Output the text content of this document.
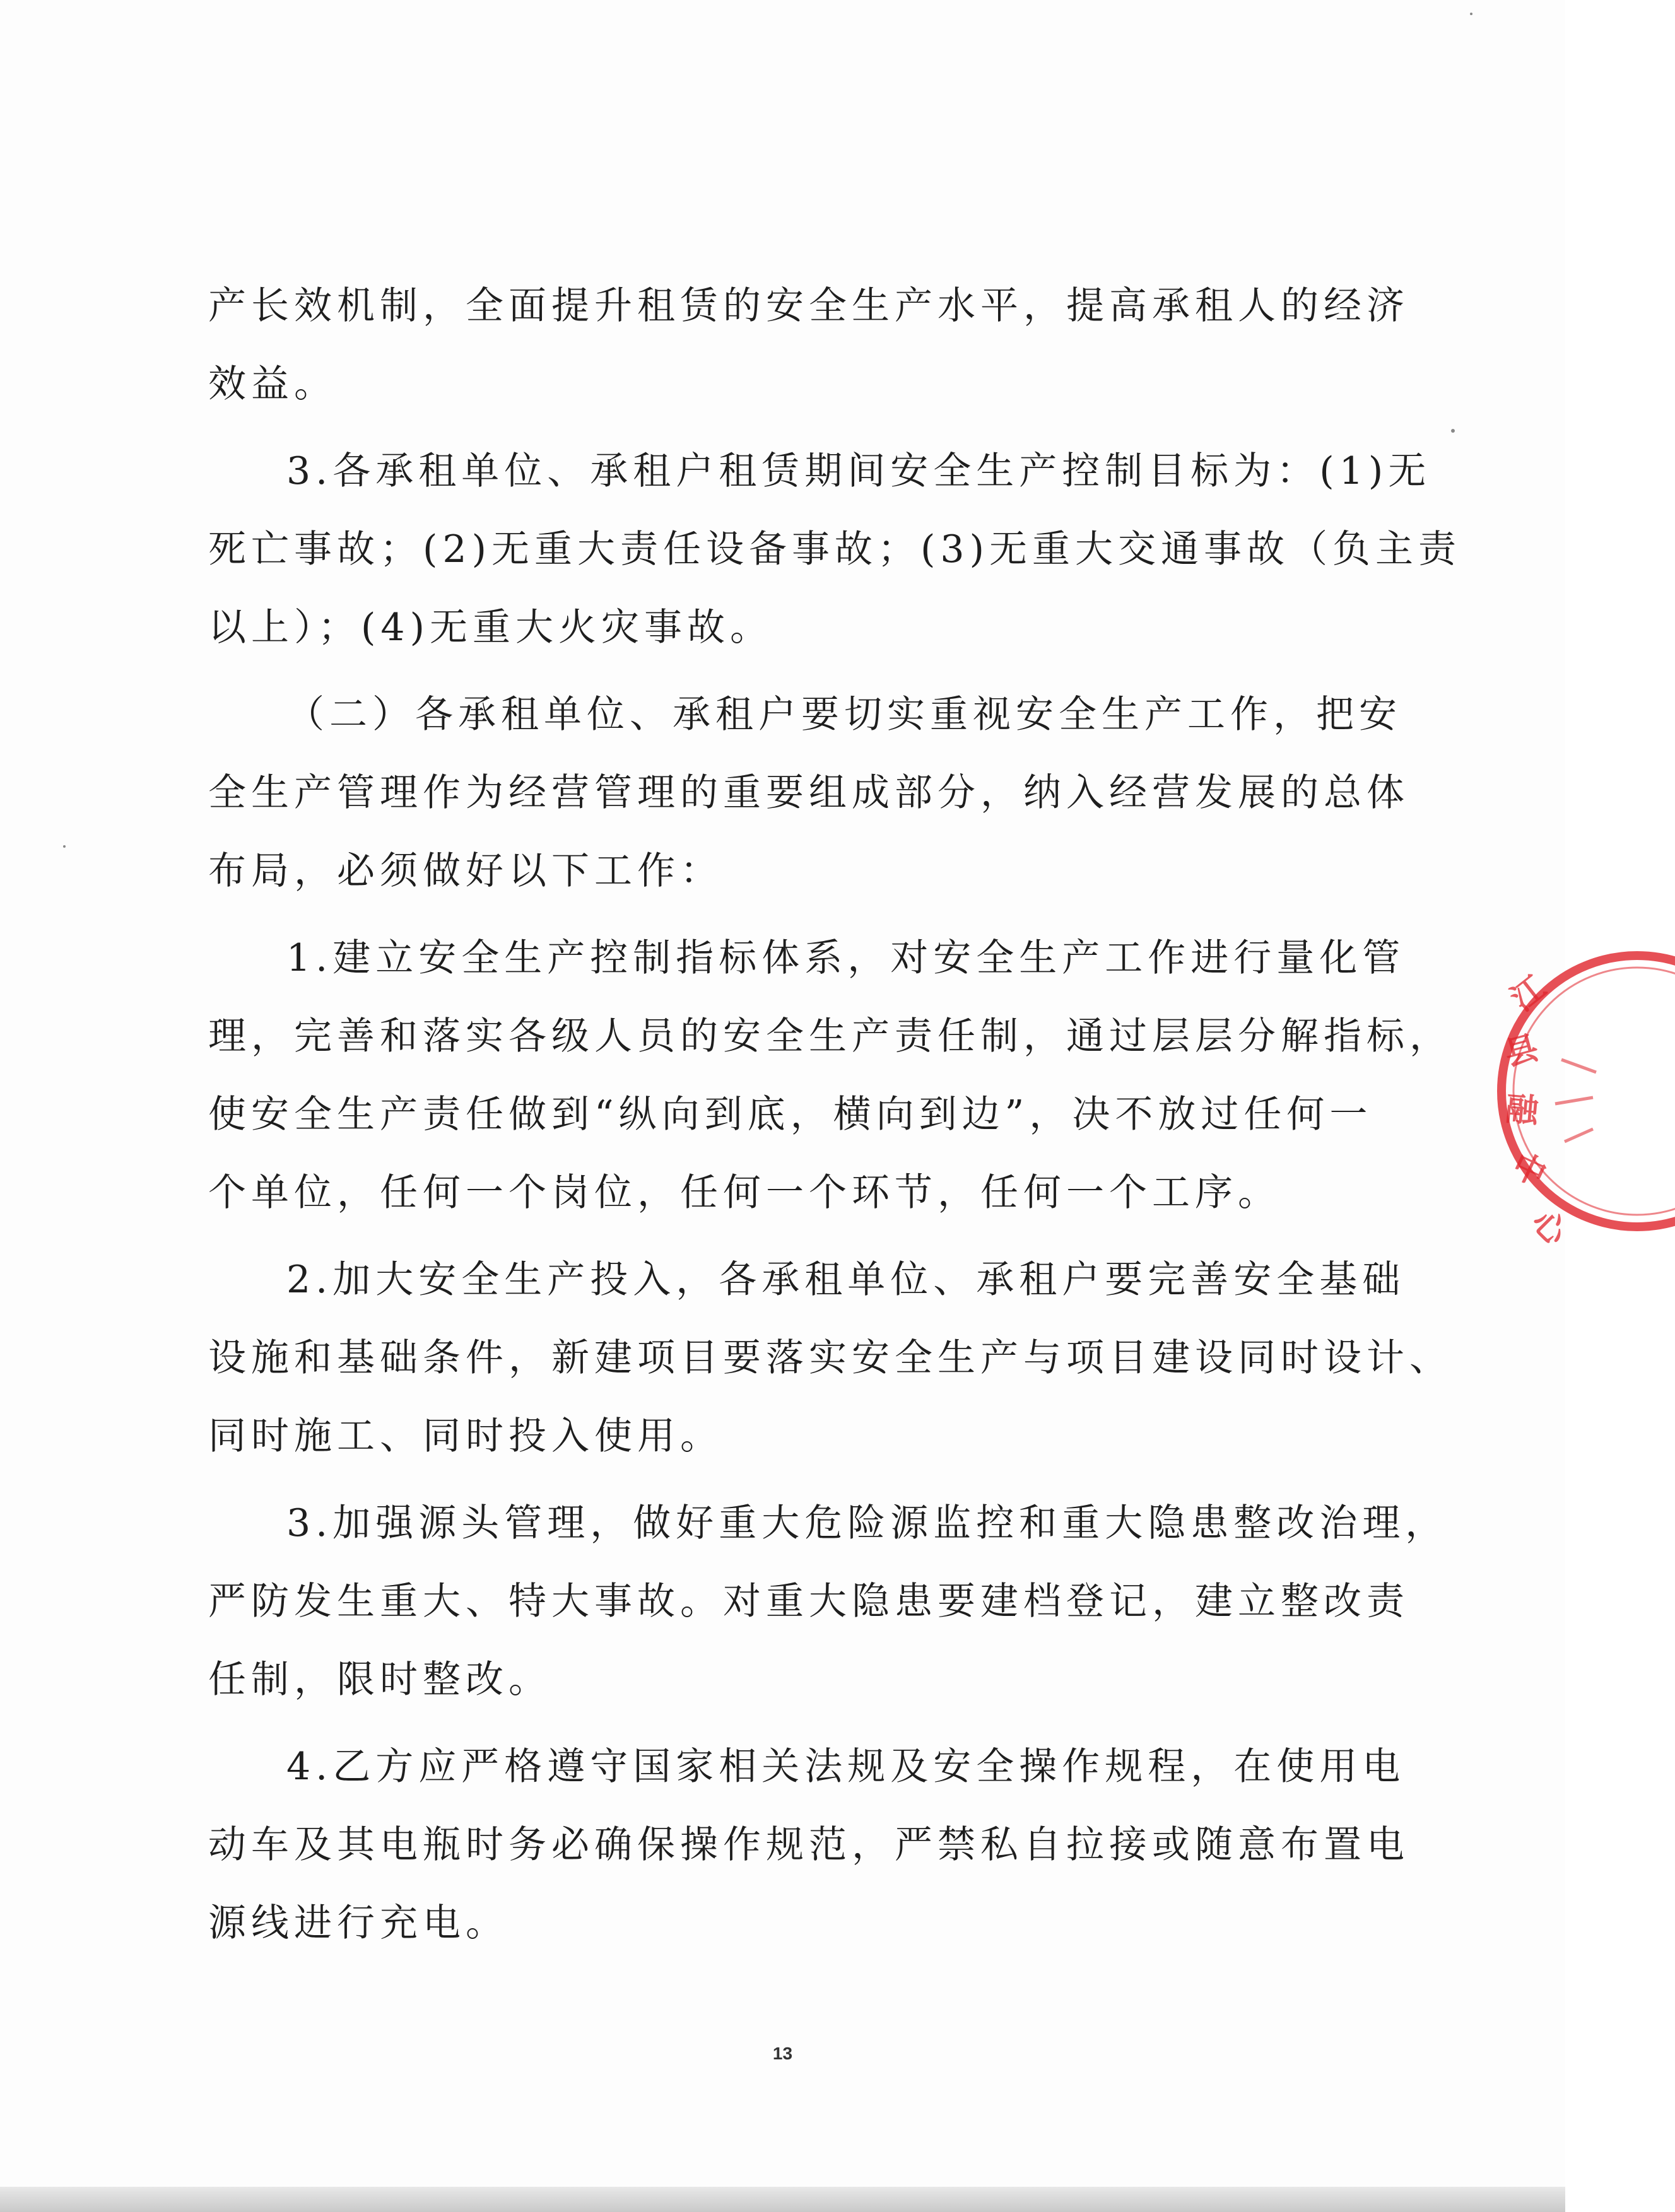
产长效机制，全面提升租赁的安全生产水平，提高承租人的经济
效益。
3.各承租单位、承租户租赁期间安全生产控制目标为：(1)无
死亡事故；(2)无重大责任设备事故；(3)无重大交通事故（负主责
以上）；(4)无重大火灾事故。
（二）各承租单位、承租户要切实重视安全生产工作，把安
全生产管理作为经营管理的重要组成部分，纳入经营发展的总体
布局，必须做好以下工作：
1.建立安全生产控制指标体系，对安全生产工作进行量化管
理，完善和落实各级人员的安全生产责任制，通过层层分解指标，
使安全生产责任做到“纵向到底，横向到边”，决不放过任何一
个单位，任何一个岗位，任何一个环节，任何一个工序。
2.加大安全生产投入，各承租单位、承租户要完善安全基础
设施和基础条件，新建项目要落实安全生产与项目建设同时设计、
同时施工、同时投入使用。
3.加强源头管理，做好重大危险源监控和重大隐患整改治理，
严防发生重大、特大事故。对重大隐患要建档登记，建立整改责
任制，限时整改。
4.乙方应严格遵守国家相关法规及安全操作规程，在使用电
动车及其电瓶时务必确保操作规范，严禁私自拉接或随意布置电
源线进行充电。
江
县
融
中
心
13
